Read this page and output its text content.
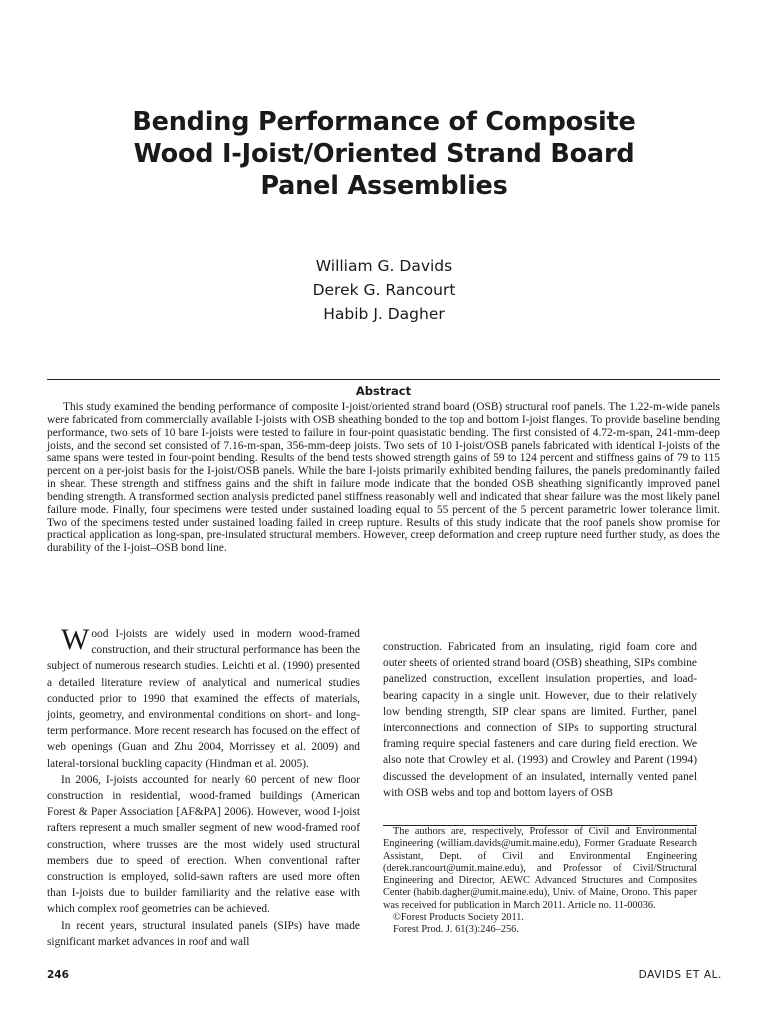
Bending Performance of Composite
Wood I-Joist/Oriented Strand Board
Panel Assemblies
William G. Davids
Derek G. Rancourt
Habib J. Dagher
Abstract

This study examined the bending performance of composite I-joist/oriented strand board (OSB) structural roof panels. The 1.22-m-wide panels were fabricated from commercially available I-joists with OSB sheathing bonded to the top and bottom I-joist flanges. To provide baseline bending performance, two sets of 10 bare I-joists were tested to failure in four-point quasistatic bending. The first consisted of 4.72-m-span, 241-mm-deep joists, and the second set consisted of 7.16-m-span, 356-mm-deep joists. Two sets of 10 I-joist/OSB panels fabricated with identical I-joists of the same spans were tested in four-point bending. Results of the bend tests showed strength gains of 59 to 124 percent and stiffness gains of 79 to 115 percent on a per-joist basis for the I-joist/OSB panels. While the bare I-joists primarily exhibited bending failures, the panels predominantly failed in shear. These strength and stiffness gains and the shift in failure mode indicate that the bonded OSB sheathing significantly improved panel bending strength. A transformed section analysis predicted panel stiffness reasonably well and indicated that shear failure was the most likely panel failure mode. Finally, four specimens were tested under sustained loading equal to 55 percent of the 5 percent parametric lower tolerance limit. Two of the specimens tested under sustained loading failed in creep rupture. Results of this study indicate that the roof panels show promise for practical application as long-span, pre-insulated structural members. However, creep deformation and creep rupture need further study, as does the durability of the I-joist–OSB bond line.

Wood I-joists are widely used in modern wood-framed construction, and their structural performance has been the subject of numerous research studies. Leichti et al. (1990) presented a detailed literature review of analytical and numerical studies conducted prior to 1990 that examined the effects of materials, joints, geometry, and environmental conditions on short- and long-term performance. More recent research has focused on the effect of web openings (Guan and Zhu 2004, Morrissey et al. 2009) and lateral-torsional buckling capacity (Hindman et al. 2005).

In 2006, I-joists accounted for nearly 60 percent of new floor construction in residential, wood-framed buildings (American Forest & Paper Association [AF&PA] 2006). However, wood I-joist rafters represent a much smaller segment of new wood-framed roof construction, where trusses are the most widely used structural members due to speed of erection. When conventional rafter construction is employed, solid-sawn rafters are used more often than I-joists due to builder familiarity and the relative ease with which complex roof geometries can be achieved.

In recent years, structural insulated panels (SIPs) have made significant market advances in roof and wall

construction. Fabricated from an insulating, rigid foam core and outer sheets of oriented strand board (OSB) sheathing, SIPs combine panelized construction, excellent insulation properties, and load-bearing capacity in a single unit. However, due to their relatively low bending strength, SIP clear spans are limited. Further, panel interconnections and connection of SIPs to supporting structural framing require special fasteners and care during field erection. We also note that Crowley et al. (1993) and Crowley and Parent (1994) discussed the development of an insulated, internally vented panel with OSB webs and top and bottom layers of OSB

The authors are, respectively, Professor of Civil and Environmental Engineering (william.davids@umit.maine.edu), Former Graduate Research Assistant, Dept. of Civil and Environmental Engineering (derek.rancourt@umit.maine.edu), and Professor of Civil/Structural Engineering and Director, AEWC Advanced Structures and Composites Center (habib.dagher@umit.maine.edu), Univ. of Maine, Orono. This paper was received for publication in March 2011. Article no. 11-00036.

©Forest Products Society 2011.

Forest Prod. J. 61(3):246–256.

246	DAVIDS ET AL.
